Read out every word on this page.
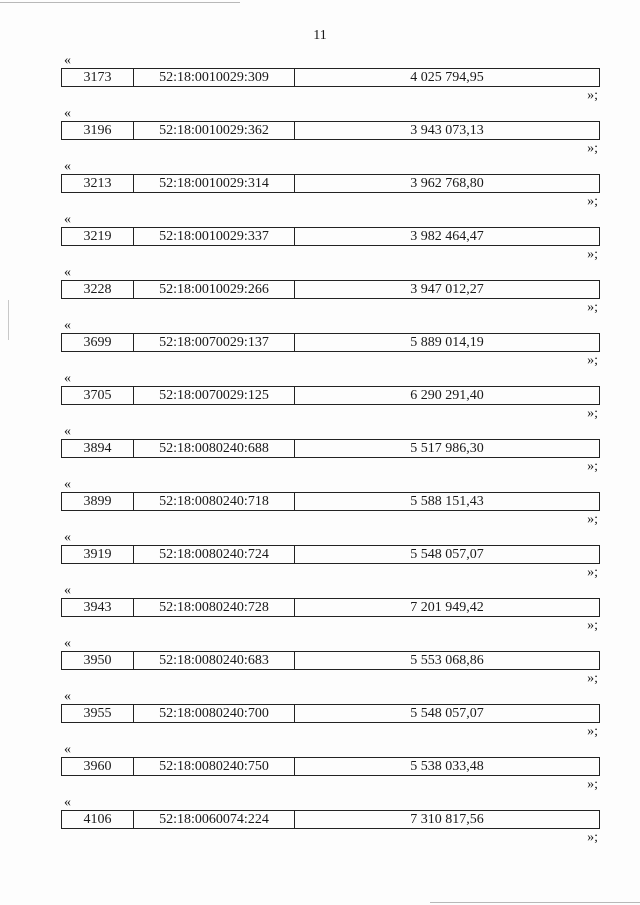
11
«
3173	52:18:0010029:309	4 025 794,95
»;
«
3196	52:18:0010029:362	3 943 073,13
»;
«
3213	52:18:0010029:314	3 962 768,80
»;
«
3219	52:18:0010029:337	3 982 464,47
»;
«
3228	52:18:0010029:266	3 947 012,27
»;
«
3699	52:18:0070029:137	5 889 014,19
»;
«
3705	52:18:0070029:125	6 290 291,40
»;
«
3894	52:18:0080240:688	5 517 986,30
»;
«
3899	52:18:0080240:718	5 588 151,43
»;
«
3919	52:18:0080240:724	5 548 057,07
»;
«
3943	52:18:0080240:728	7 201 949,42
»;
«
3950	52:18:0080240:683	5 553 068,86
»;
«
3955	52:18:0080240:700	5 548 057,07
»;
«
3960	52:18:0080240:750	5 538 033,48
»;
«
4106	52:18:0060074:224	7 310 817,56
»;
